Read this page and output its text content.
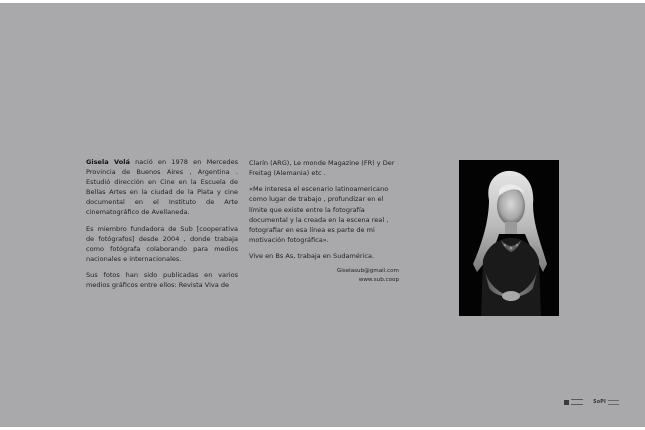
Gisela Volá nació en 1978 en Mercedes Provincia de Buenos Aires , Argentina . Estudió dirección en Cine en la Escuela de Bellas Artes en la ciudad de la Plata y cine documental en el Instituto de Arte cinematográfico de Avellaneda.

Es miembro fundadora de Sub [cooperativa de fotógrafos] desde 2004 , donde trabaja como fotógrafa colaborando para medios nacionales e internacionales.

Sus fotos han sido publicadas en varios medios gráficos entre ellos: Revista Viva de

Clarín (ARG), Le monde Magazine (FR) y Der Freitag (Alemania) etc .

«Me interesa el escenario latinoamericano como lugar de trabajo , profundizar en el límite que existe entre la fotografía documental y la creada en la escena real , fotografiar en esa línea es parte de mi motivación fotográfica».

Vive en Bs As, trabaja en Sudamérica.

Giselasub@gmail.com
www.sub.coop
SoPI
